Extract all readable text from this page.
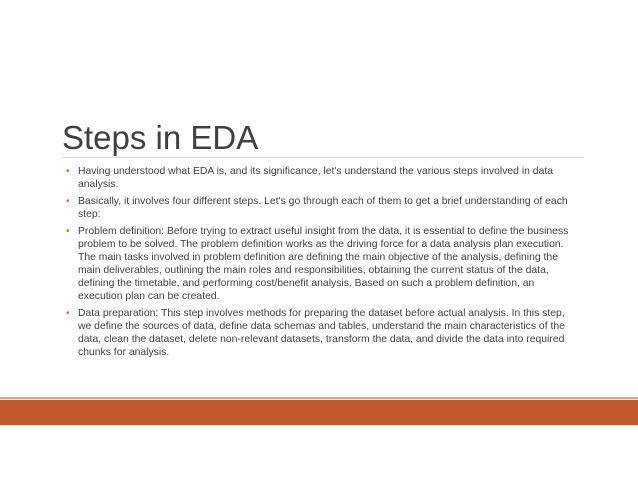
Steps in EDA
• Having understood what EDA is, and its significance, let's understand the various steps involved in data analysis.
• Basically, it involves four different steps. Let's go through each of them to get a brief understanding of each step:
• Problem definition: Before trying to extract useful insight from the data, it is essential to define the business problem to be solved. The problem definition works as the driving force for a data analysis plan execution. The main tasks involved in problem definition are defining the main objective of the analysis, defining the main deliverables, outlining the main roles and responsibilities, obtaining the current status of the data, defining the timetable, and performing cost/benefit analysis. Based on such a problem definition, an execution plan can be created.
• Data preparation: This step involves methods for preparing the dataset before actual analysis. In this step, we define the sources of data, define data schemas and tables, understand the main characteristics of the data, clean the dataset, delete non-relevant datasets, transform the data, and divide the data into required chunks for analysis.
